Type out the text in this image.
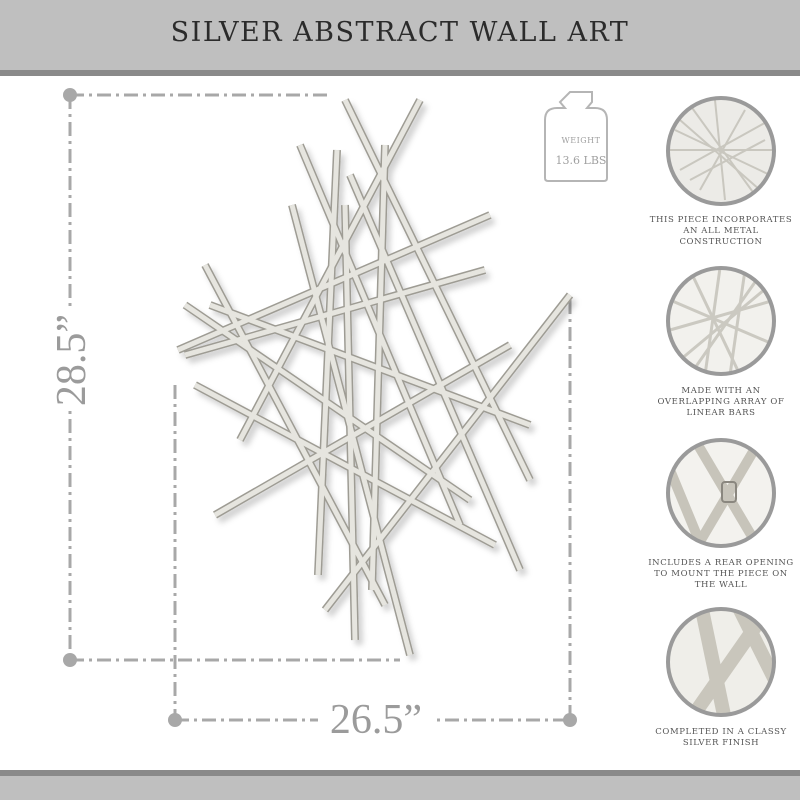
SILVER ABSTRACT WALL ART
28.5”
26.5”
WEIGHT
13.6 LBS
THIS PIECE INCORPORATES AN ALL METAL CONSTRUCTION
MADE WITH AN OVERLAPPING ARRAY OF LINEAR BARS
INCLUDES A REAR OPENING TO MOUNT THE PIECE ON THE WALL
COMPLETED IN A CLASSY SILVER FINISH
